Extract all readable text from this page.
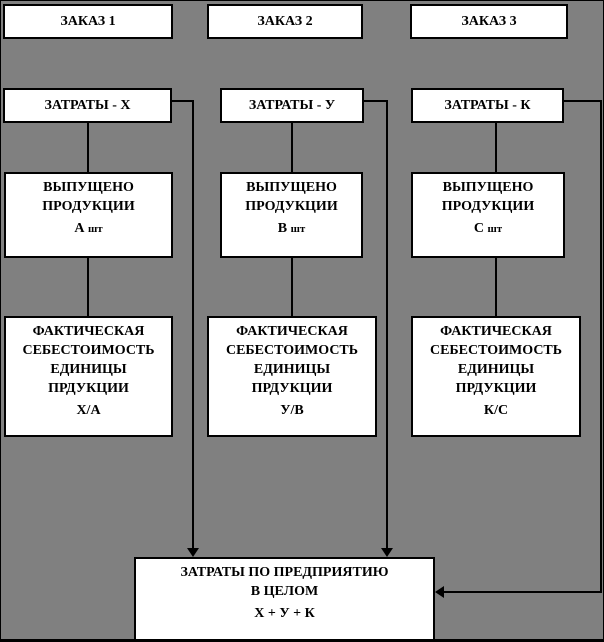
ЗАКАЗ 1	ЗАКАЗ 2	ЗАКАЗ 3
ЗАТРАТЫ - Х	ЗАТРАТЫ - У	ЗАТРАТЫ - К
ВЫПУЩЕНО
ПРОДУКЦИИ
А шт
ВЫПУЩЕНО
ПРОДУКЦИИ
В шт
ВЫПУЩЕНО
ПРОДУКЦИИ
С шт
ФАКТИЧЕСКАЯ
СЕБЕСТОИМОСТЬ
ЕДИНИЦЫ
ПРДУКЦИИ
Х/А
ФАКТИЧЕСКАЯ
СЕБЕСТОИМОСТЬ
ЕДИНИЦЫ
ПРДУКЦИИ
У/В
ФАКТИЧЕСКАЯ
СЕБЕСТОИМОСТЬ
ЕДИНИЦЫ
ПРДУКЦИИ
К/С
ЗАТРАТЫ ПО ПРЕДПРИЯТИЮ
В ЦЕЛОМ
Х + У + К
